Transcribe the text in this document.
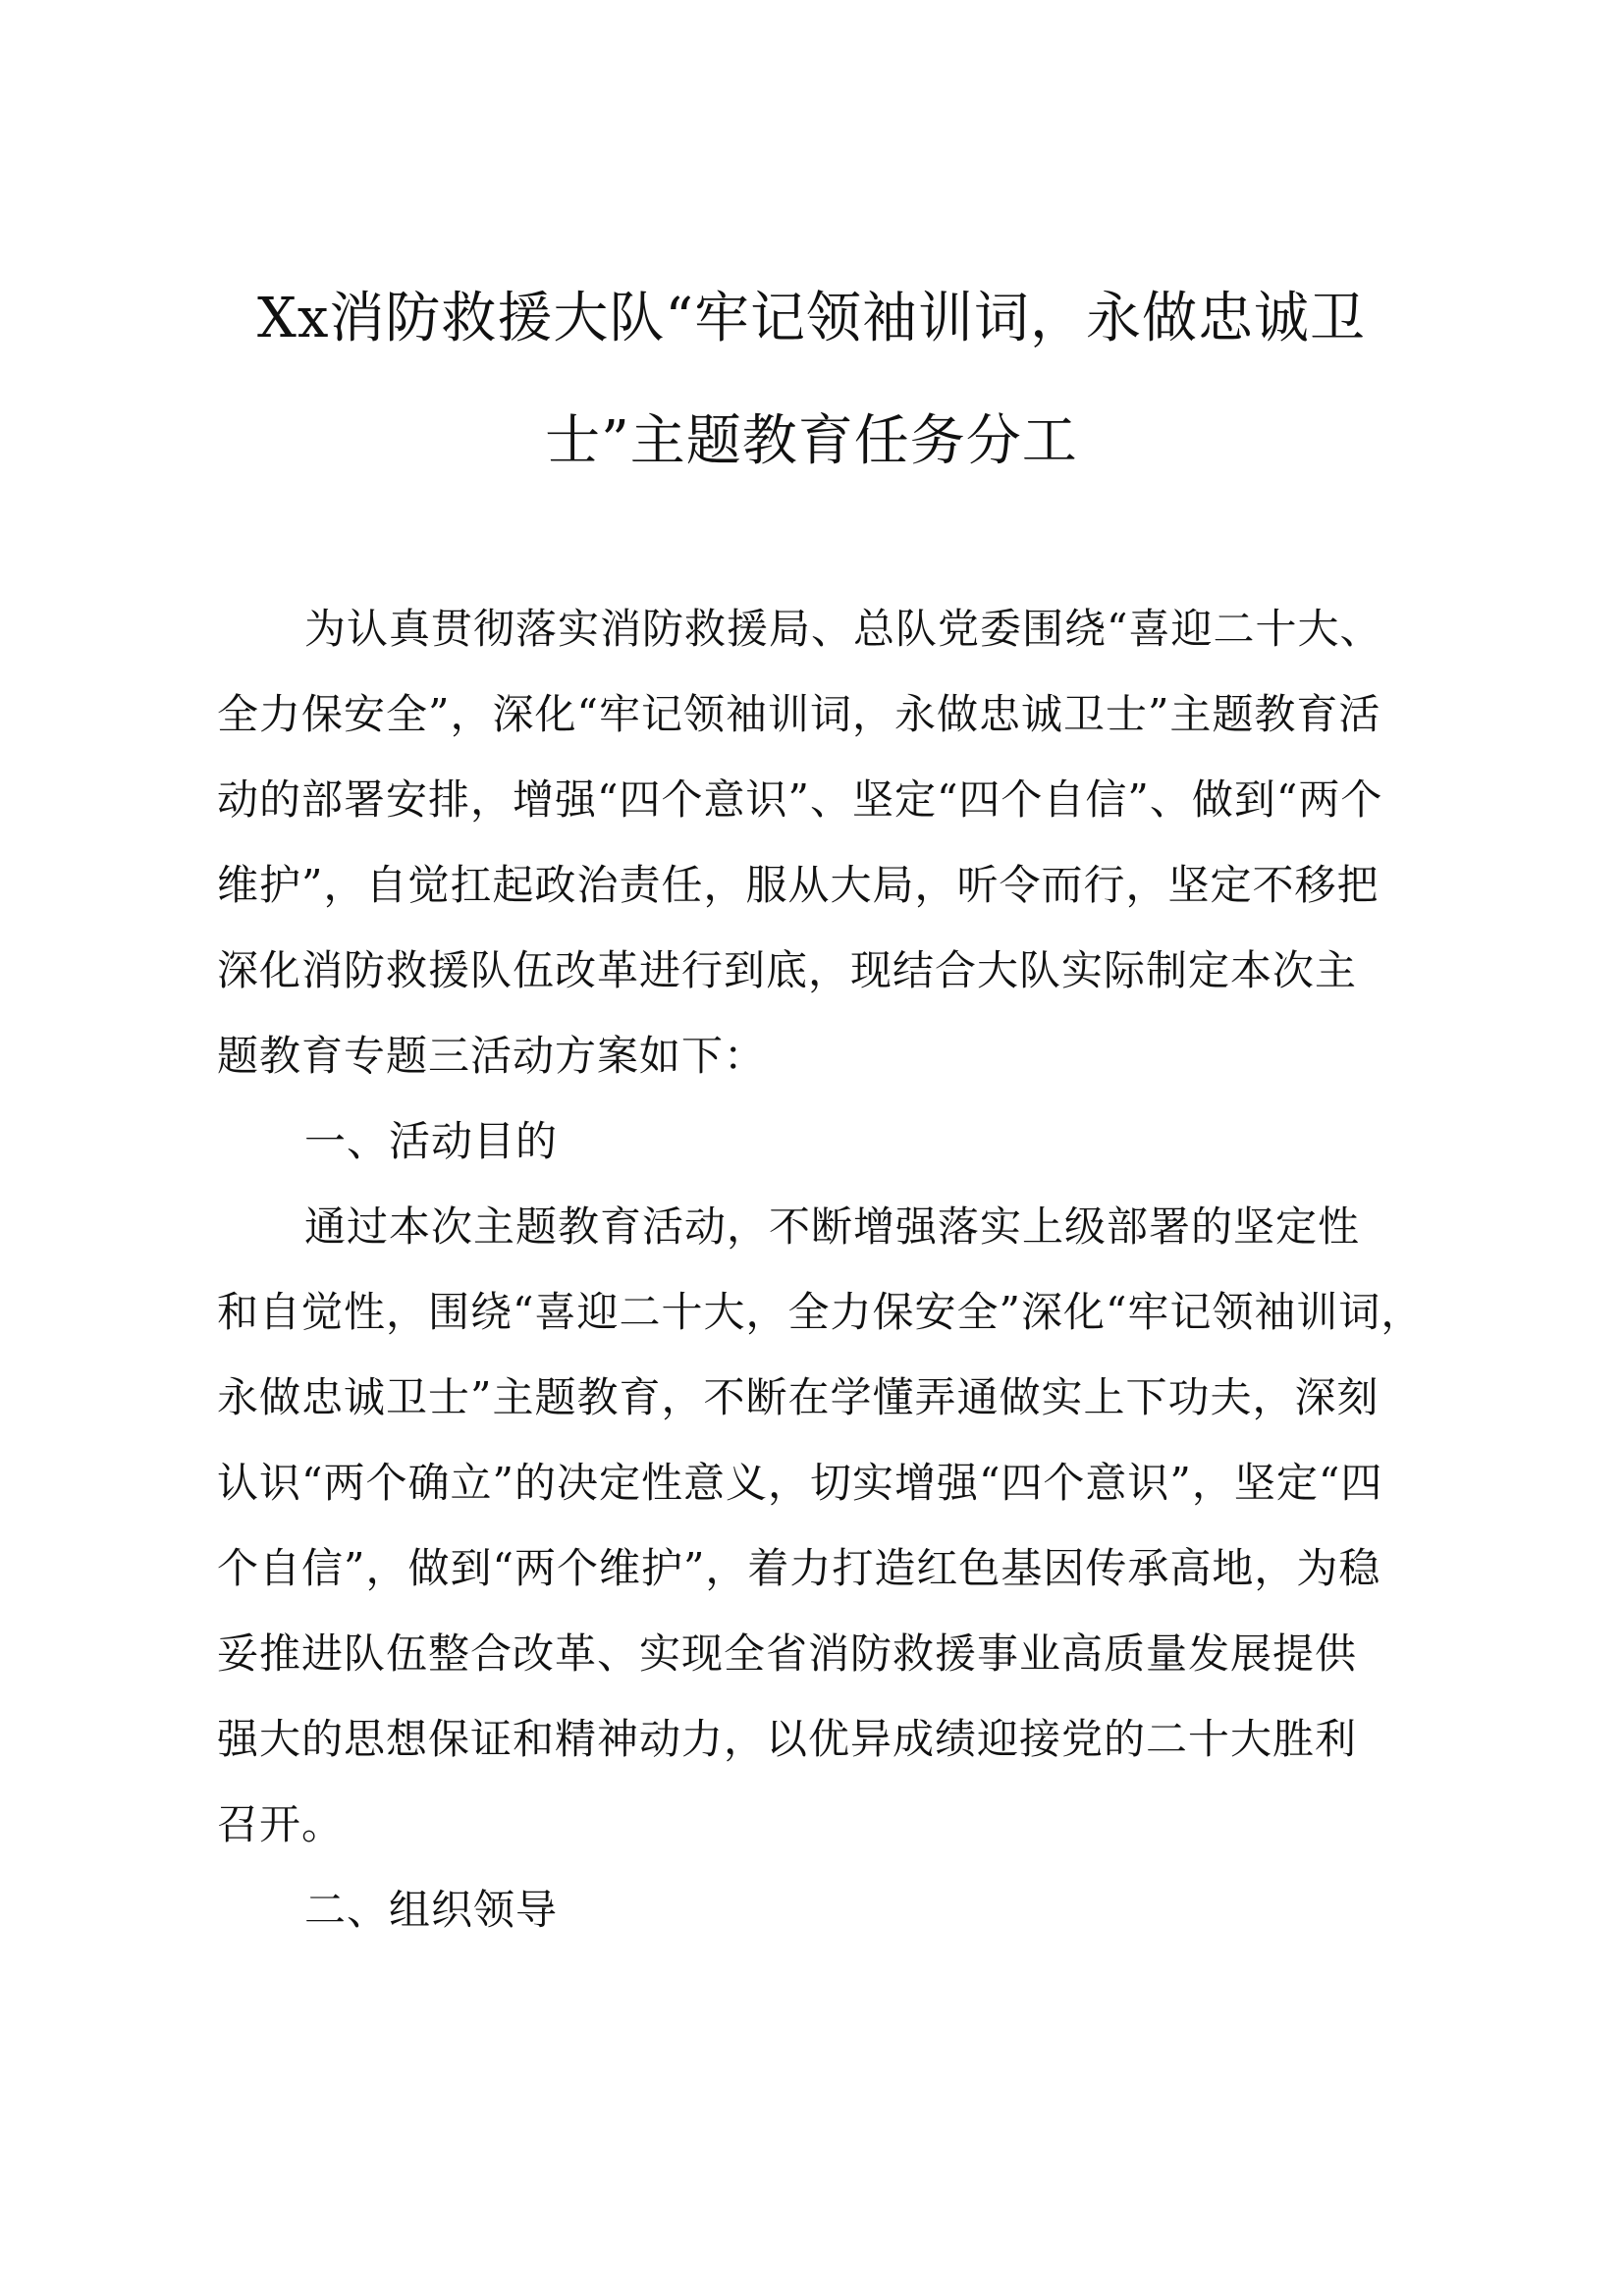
Xx消防救援大队“牢记领袖训词，永做忠诚卫
士”主题教育任务分工
为认真贯彻落实消防救援局、总队党委围绕“喜迎二十大、
全力保安全”，深化“牢记领袖训词，永做忠诚卫士”主题教育活
动的部署安排，增强“四个意识”、坚定“四个自信”、做到“两个
维护”，自觉扛起政治责任，服从大局，听令而行，坚定不移把
深化消防救援队伍改革进行到底，现结合大队实际制定本次主
题教育专题三活动方案如下：
一、活动目的
通过本次主题教育活动，不断增强落实上级部署的坚定性
和自觉性，围绕“喜迎二十大，全力保安全”深化“牢记领袖训词，
永做忠诚卫士”主题教育，不断在学懂弄通做实上下功夫，深刻
认识“两个确立”的决定性意义，切实增强“四个意识”，坚定“四
个自信”，做到“两个维护”，着力打造红色基因传承高地，为稳
妥推进队伍整合改革、实现全省消防救援事业高质量发展提供
强大的思想保证和精神动力，以优异成绩迎接党的二十大胜利
召开。
二、组织领导
